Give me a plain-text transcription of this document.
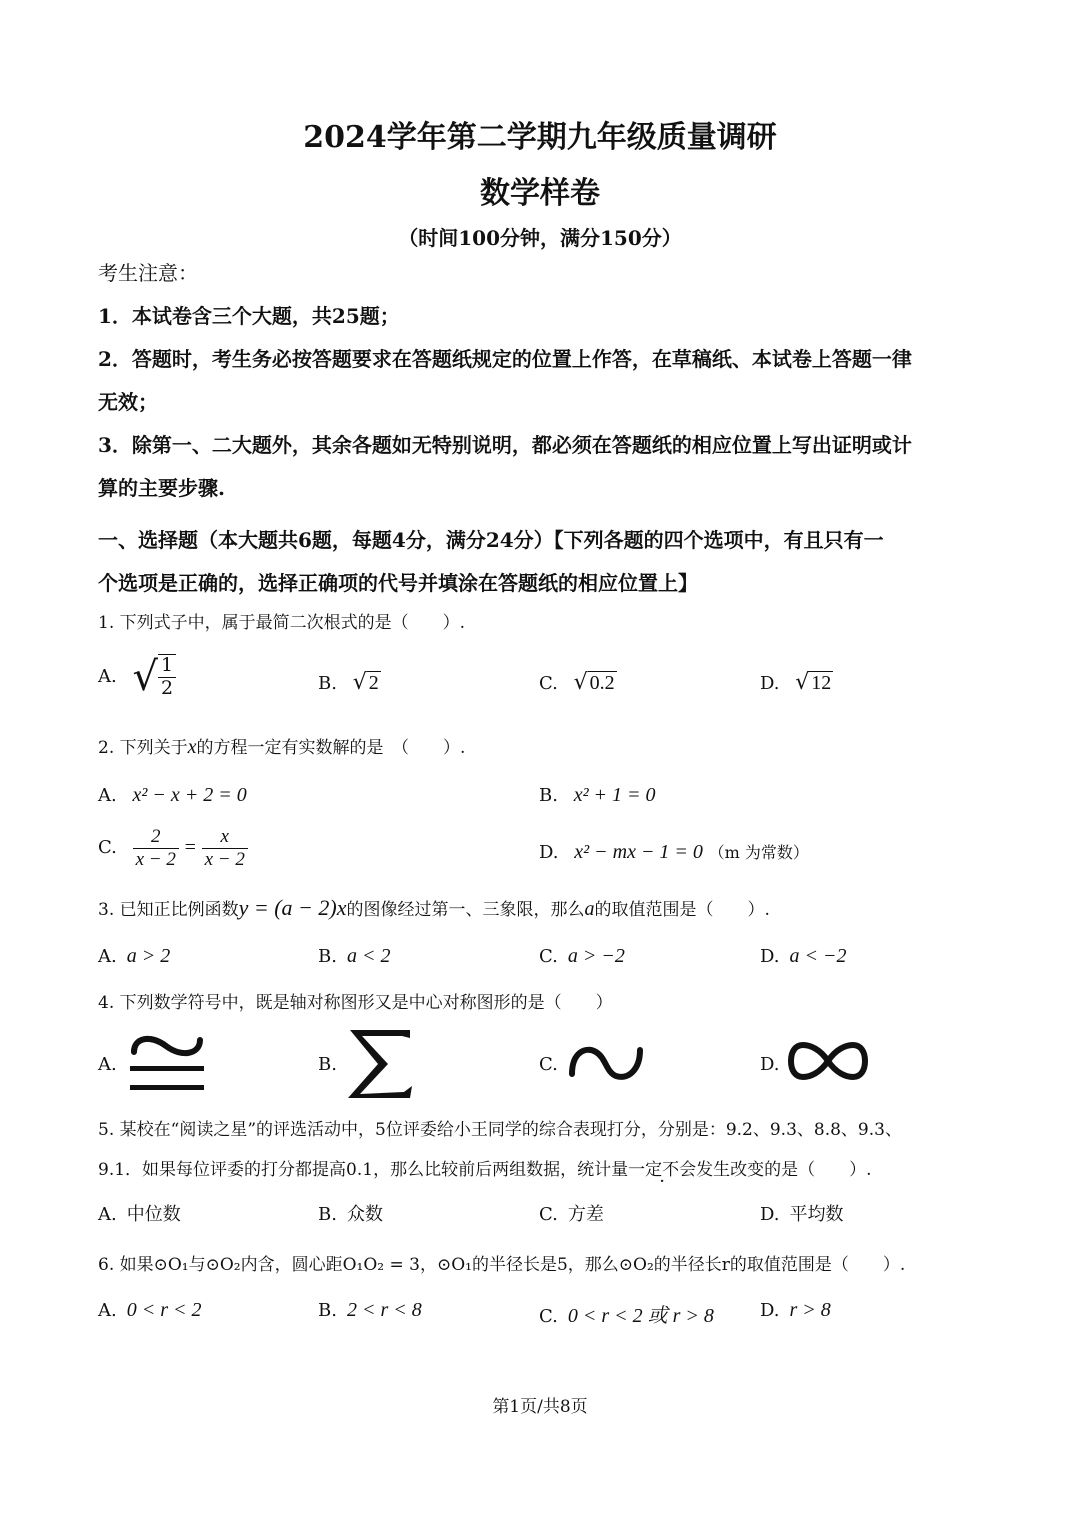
2024学年第二学期九年级质量调研
数学样卷
（时间100分钟，满分150分）
考生注意：
1．本试卷含三个大题，共25题；
2．答题时，考生务必按答题要求在答题纸规定的位置上作答，在草稿纸、本试卷上答题一律
无效；
3．除第一、二大题外，其余各题如无特别说明，都必须在答题纸的相应位置上写出证明或计
算的主要步骤.
一、选择题（本大题共6题，每题4分，满分24分）【下列各题的四个选项中，有且只有一
个选项是正确的，选择正确项的代号并填涂在答题纸的相应位置上】
1. 下列式子中，属于最简二次根式的是（　　）.
A. √ $\frac{1}{2}$	B. √ 2	C. √ 0.2	D. √ 12
2. 下列关于x的方程一定有实数解的是　（　　）.
A. x² − x + 2 = 0	B. x² + 1 = 0
C. $\frac{2}{x - 2} = \frac{x}{x - 2}$	D. x² − mx − 1 = 0 （m 为常数）
3. 已知正比例函数y = (a − 2)x的图像经过第一、三象限，那么a的取值范围是（　　）.
A. a > 2	B. a < 2	C. a > −2	D. a < −2
4. 下列数学符号中，既是轴对称图形又是中心对称图形的是（　　）
A.	B.	C.	D.
5. 某校在“阅读之星”的评选活动中，5位评委给小王同学的综合表现打分，分别是：9.2、9.3、8.8、9.3、
9.1．如果每位评委的打分都提高0.1，那么比较前后两组数据，统计量一定不会发生改变的是（　　）.
A. 中位数	B. 众数	C. 方差	D. 平均数
6. 如果⊙O₁与⊙O₂内含，圆心距O₁O₂ = 3，⊙O₁的半径长是5，那么⊙O₂的半径长r的取值范围是（　　）.
A. 0 < r < 2	B. 2 < r < 8	C. 0 < r < 2 或 r > 8	D. r > 8
第1页/共8页
